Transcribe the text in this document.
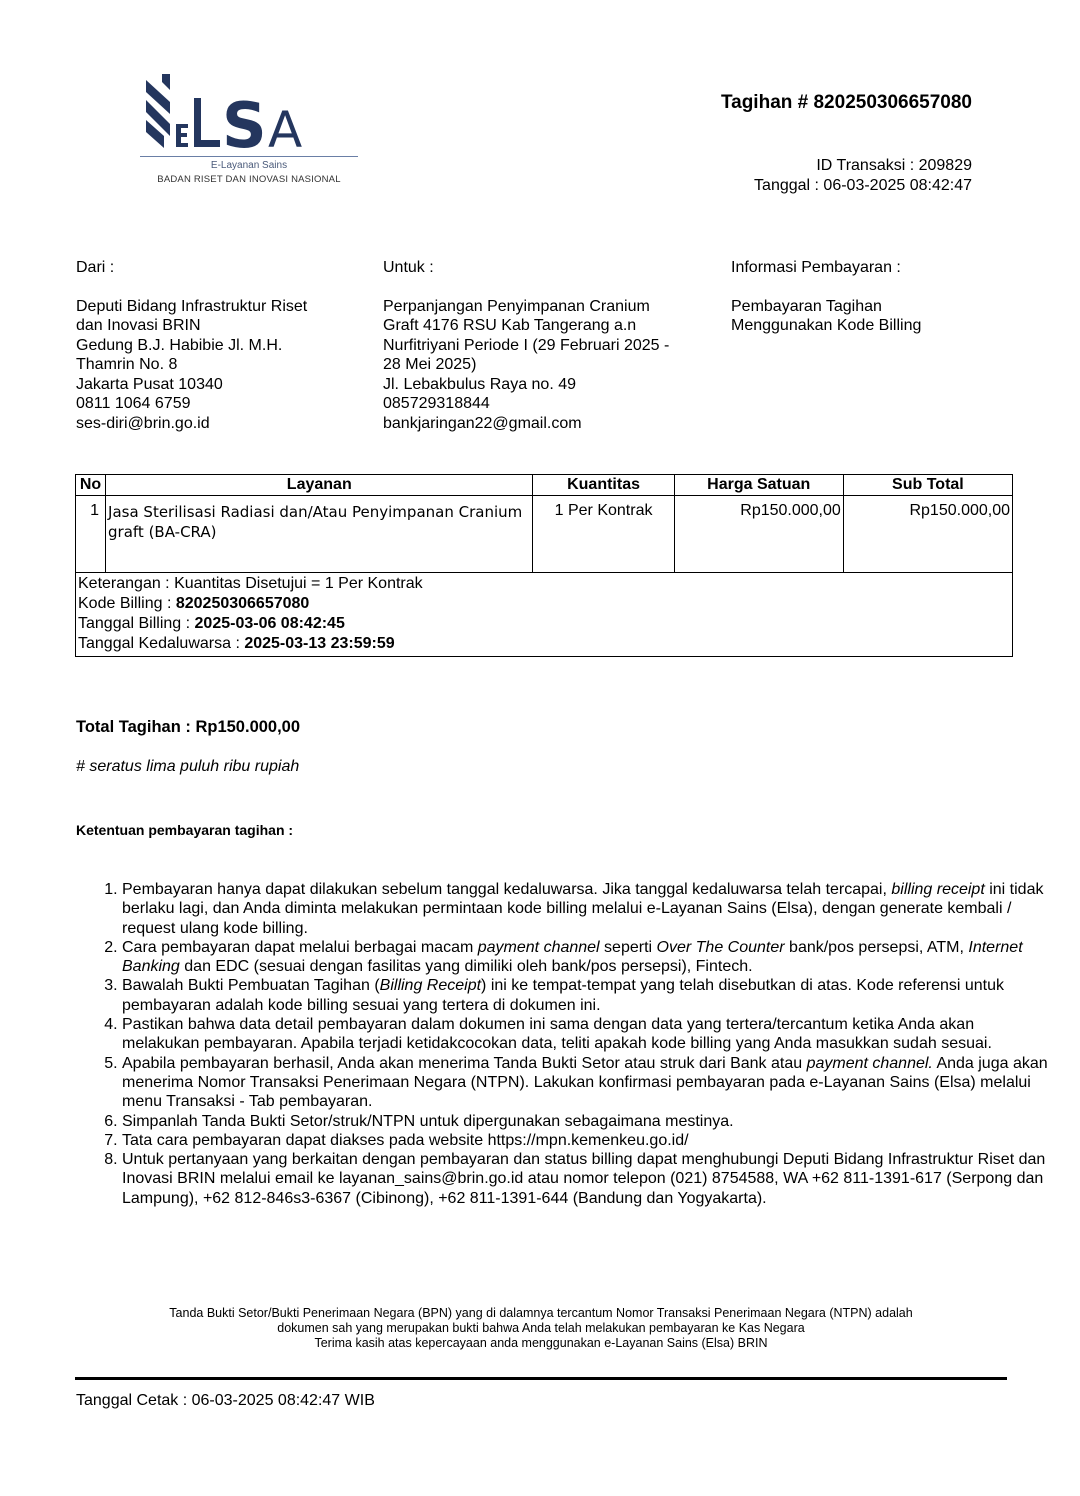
S A
E-Layanan Sains
BADAN RISET DAN INOVASI NASIONAL
Tagihan # 820250306657080
ID Transaksi : 209829
Tanggal : 06-03-2025 08:42:47
Dari :
Deputi Bidang Infrastruktur Riset
dan Inovasi BRIN
Gedung B.J. Habibie Jl. M.H.
Thamrin No. 8
Jakarta Pusat 10340
0811 1064 6759
ses-diri@brin.go.id
Untuk :
Perpanjangan Penyimpanan Cranium
Graft 4176 RSU Kab Tangerang a.n
Nurfitriyani Periode I (29 Februari 2025 -
28 Mei 2025)
Jl. Lebakbulus Raya no. 49
085729318844
bankjaringan22@gmail.com
Informasi Pembayaran :
Pembayaran Tagihan
Menggunakan Kode Billing
No	Layanan	Kuantitas	Harga Satuan	Sub Total
1	Jasa Sterilisasi Radiasi dan/Atau Penyimpanan Cranium graft (BA-CRA)	1 Per Kontrak	Rp150.000,00	Rp150.000,00

Keterangan : Kuantitas Disetujui = 1 Per Kontrak
Kode Billing : 820250306657080
Tanggal Billing : 2025-03-06 08:42:45
Tanggal Kedaluwarsa : 2025-03-13 23:59:59				
Total Tagihan : Rp150.000,00
# seratus lima puluh ribu rupiah
Ketentuan pembayaran tagihan :
1. Pembayaran hanya dapat dilakukan sebelum tanggal kedaluwarsa. Jika tanggal kedaluwarsa telah tercapai, billing receipt ini tidak berlaku lagi, dan Anda diminta melakukan permintaan kode billing melalui e-Layanan Sains (Elsa), dengan generate kembali / request ulang kode billing.
2. Cara pembayaran dapat melalui berbagai macam payment channel seperti Over The Counter bank/pos persepsi, ATM, Internet Banking dan EDC (sesuai dengan fasilitas yang dimiliki oleh bank/pos persepsi), Fintech.
3. Bawalah Bukti Pembuatan Tagihan (Billing Receipt) ini ke tempat-tempat yang telah disebutkan di atas. Kode referensi untuk pembayaran adalah kode billing sesuai yang tertera di dokumen ini.
4. Pastikan bahwa data detail pembayaran dalam dokumen ini sama dengan data yang tertera/tercantum ketika Anda akan melakukan pembayaran. Apabila terjadi ketidakcocokan data, teliti apakah kode billing yang Anda masukkan sudah sesuai.
5. Apabila pembayaran berhasil, Anda akan menerima Tanda Bukti Setor atau struk dari Bank atau payment channel. Anda juga akan menerima Nomor Transaksi Penerimaan Negara (NTPN). Lakukan konfirmasi pembayaran pada e-Layanan Sains (Elsa) melalui menu Transaksi - Tab pembayaran.
6. Simpanlah Tanda Bukti Setor/struk/NTPN untuk dipergunakan sebagaimana mestinya.
7. Tata cara pembayaran dapat diakses pada website https://mpn.kemenkeu.go.id/
8. Untuk pertanyaan yang berkaitan dengan pembayaran dan status billing dapat menghubungi Deputi Bidang Infrastruktur Riset dan Inovasi BRIN melalui email ke layanan_sains@brin.go.id atau nomor telepon (021) 8754588, WA +62 811-1391-617 (Serpong dan Lampung), +62 812-846s3-6367 (Cibinong), +62 811-1391-644 (Bandung dan Yogyakarta).
Tanda Bukti Setor/Bukti Penerimaan Negara (BPN) yang di dalamnya tercantum Nomor Transaksi Penerimaan Negara (NTPN) adalah
dokumen sah yang merupakan bukti bahwa Anda telah melakukan pembayaran ke Kas Negara
Terima kasih atas kepercayaan anda menggunakan e-Layanan Sains (Elsa) BRIN
Tanggal Cetak : 06-03-2025 08:42:47 WIB
